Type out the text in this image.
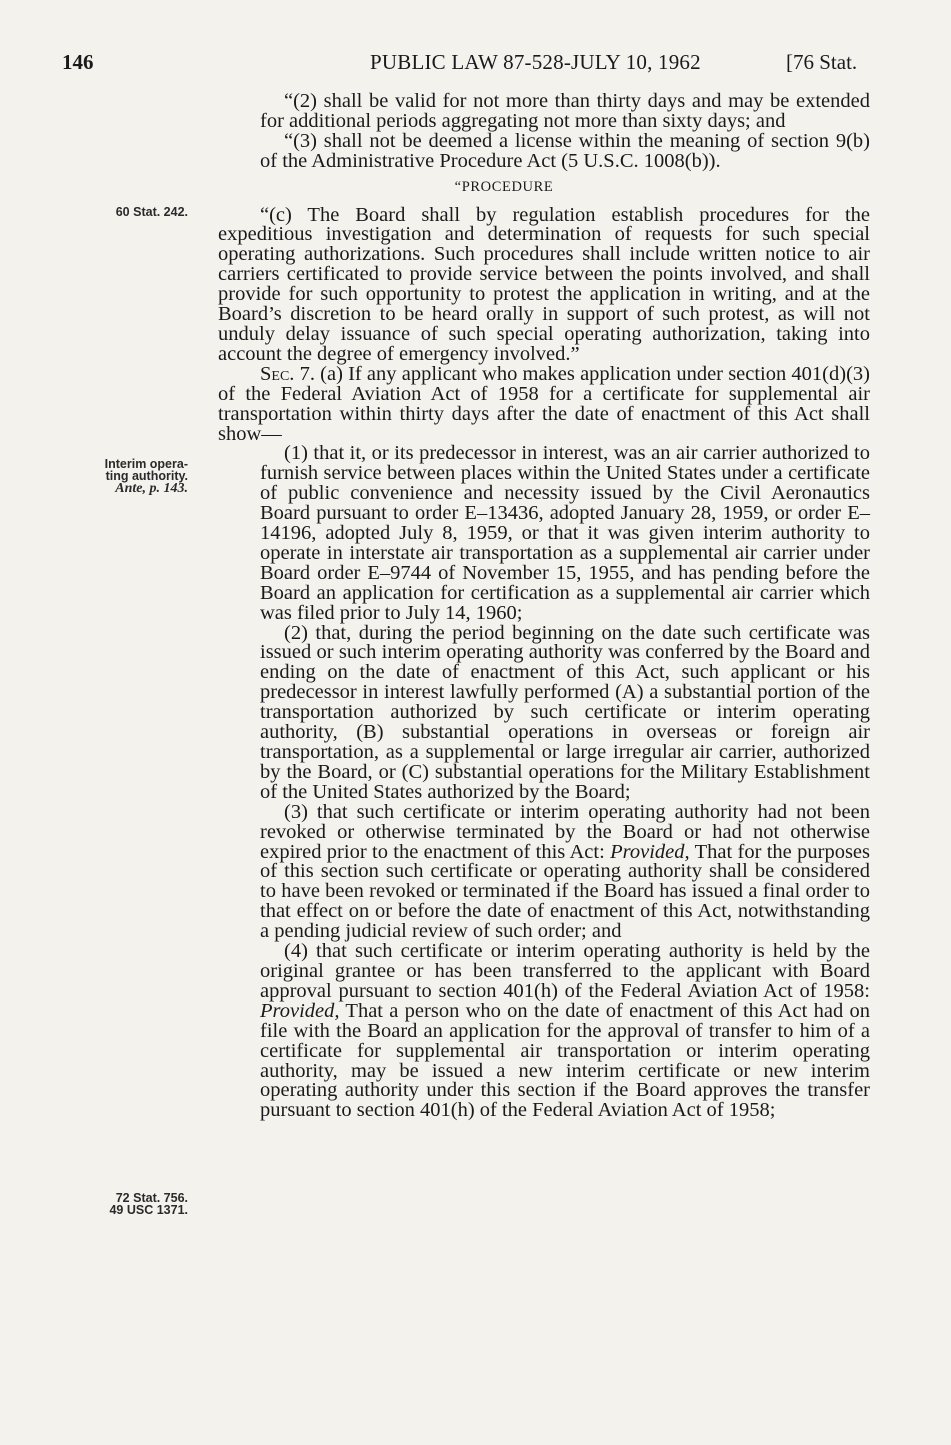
146	PUBLIC LAW 87-528-JULY 10, 1962	[76 Stat.
60 Stat. 242.
Interim opera-
ting authority.
Ante, p. 143.
72 Stat. 756.
49 USC 1371.

“(2) shall be valid for not more than thirty days and may be extended for additional periods aggregating not more than sixty days; and

“(3) shall not be deemed a license within the meaning of section 9(b) of the Administrative Procedure Act (5 U.S.C. 1008(b)).

“PROCEDURE

“(c) The Board shall by regulation establish procedures for the expeditious investigation and determination of requests for such special operating authorizations. Such procedures shall include written notice to air carriers certificated to provide service between the points involved, and shall provide for such opportunity to protest the application in writing, and at the Board’s discretion to be heard orally in support of such protest, as will not unduly delay issuance of such special operating authorization, taking into account the degree of emergency involved.”

Sec. 7. (a) If any applicant who makes application under section 401(d)(3) of the Federal Aviation Act of 1958 for a certificate for supplemental air transportation within thirty days after the date of enactment of this Act shall show—

(1) that it, or its predecessor in interest, was an air carrier authorized to furnish service between places within the United States under a certificate of public convenience and necessity issued by the Civil Aeronautics Board pursuant to order E–13436, adopted January 28, 1959, or order E–14196, adopted July 8, 1959, or that it was given interim authority to operate in interstate air transportation as a supplemental air carrier under Board order E–9744 of November 15, 1955, and has pending before the Board an application for certification as a supplemental air carrier which was filed prior to July 14, 1960;

(2) that, during the period beginning on the date such certificate was issued or such interim operating authority was conferred by the Board and ending on the date of enactment of this Act, such applicant or his predecessor in interest lawfully performed (A) a substantial portion of the transportation authorized by such certificate or interim operating authority, (B) substantial operations in overseas or foreign air transportation, as a supplemental or large irregular air carrier, authorized by the Board, or (C) substantial operations for the Military Establishment of the United States authorized by the Board;

(3) that such certificate or interim operating authority had not been revoked or otherwise terminated by the Board or had not otherwise expired prior to the enactment of this Act: Provided, That for the purposes of this section such certificate or operating authority shall be considered to have been revoked or terminated if the Board has issued a final order to that effect on or before the date of enactment of this Act, notwithstanding a pending judicial review of such order; and

(4) that such certificate or interim operating authority is held by the original grantee or has been transferred to the applicant with Board approval pursuant to section 401(h) of the Federal Aviation Act of 1958: Provided, That a person who on the date of enactment of this Act had on file with the Board an application for the approval of transfer to him of a certificate for supplemental air transportation or interim operating authority, may be issued a new interim certificate or new interim operating authority under this section if the Board approves the transfer pursuant to section 401(h) of the Federal Aviation Act of 1958;
